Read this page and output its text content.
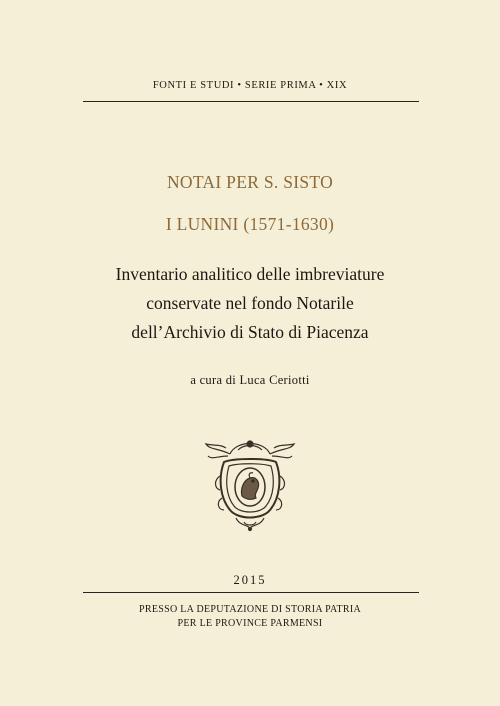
FONTI E STUDI • SERIE PRIMA • XIX
NOTAI PER S. SISTO
I LUNINI (1571-1630)
Inventario analitico delle imbreviature
conservate nel fondo Notarile
dell’Archivio di Stato di Piacenza
a cura di Luca Ceriotti
2015
PRESSO LA DEPUTAZIONE DI STORIA PATRIA
PER LE PROVINCE PARMENSI
